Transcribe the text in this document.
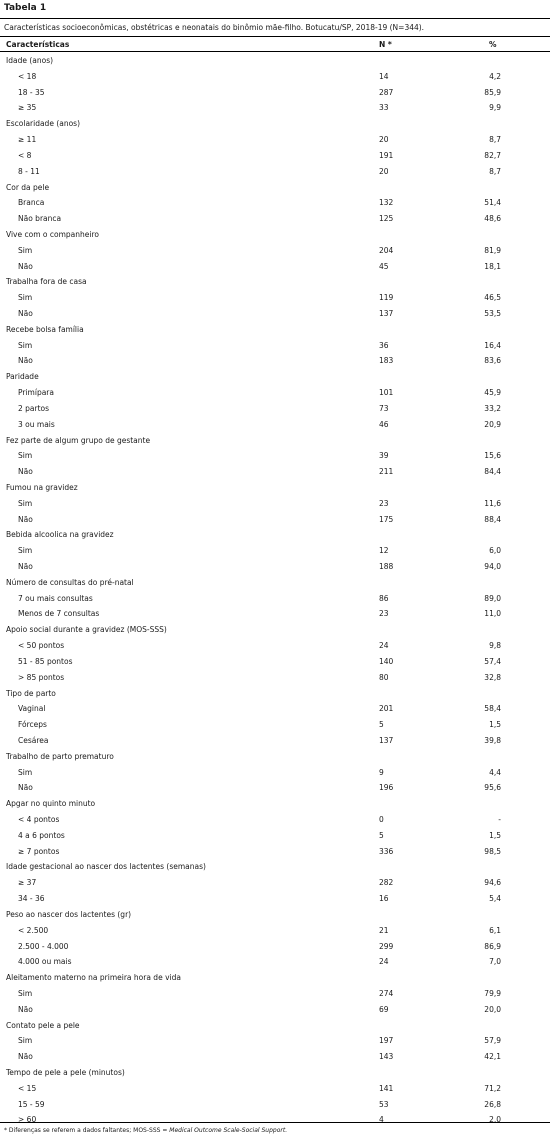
Tabela 1
Características socioeconômicas, obstétricas e neonatais do binômio mãe-filho. Botucatu/SP, 2018-19 (N=344).
Características	N *	%
Idade (anos)
< 18	14	4,2
18 - 35	287	85,9
≥ 35	33	9,9
Escolaridade (anos)
≥ 11	20	8,7
< 8	191	82,7
8 - 11	20	8,7
Cor da pele
Branca	132	51,4
Não branca	125	48,6
Vive com o companheiro
Sim	204	81,9
Não	45	18,1
Trabalha fora de casa
Sim	119	46,5
Não	137	53,5
Recebe bolsa família
Sim	36	16,4
Não	183	83,6
Paridade
Primípara	101	45,9
2 partos	73	33,2
3 ou mais	46	20,9
Fez parte de algum grupo de gestante
Sim	39	15,6
Não	211	84,4
Fumou na gravidez
Sim	23	11,6
Não	175	88,4
Bebida alcoolica na gravidez
Sim	12	6,0
Não	188	94,0
Número de consultas do pré-natal
7 ou mais consultas	86	89,0
Menos de 7 consultas	23	11,0
Apoio social durante a gravidez (MOS-SSS)
< 50 pontos	24	9,8
51 - 85 pontos	140	57,4
> 85 pontos	80	32,8
Tipo de parto
Vaginal	201	58,4
Fórceps	5	1,5
Cesárea	137	39,8
Trabalho de parto prematuro
Sim	9	4,4
Não	196	95,6
Apgar no quinto minuto
< 4 pontos	0	-
4 a 6 pontos	5	1,5
≥ 7 pontos	336	98,5
Idade gestacional ao nascer dos lactentes (semanas)
≥ 37	282	94,6
34 - 36	16	5,4
Peso ao nascer dos lactentes (gr)
< 2.500	21	6,1
2.500 - 4.000	299	86,9
4.000 ou mais	24	7,0
Aleitamento materno na primeira hora de vida
Sim	274	79,9
Não	69	20,0
Contato pele a pele
Sim	197	57,9
Não	143	42,1
Tempo de pele a pele (minutos)
< 15	141	71,2
15 - 59	53	26,8
> 60	4	2,0
* Diferenças se referem a dados faltantes; MOS-SSS = Medical Outcome Scale-Social Support.
